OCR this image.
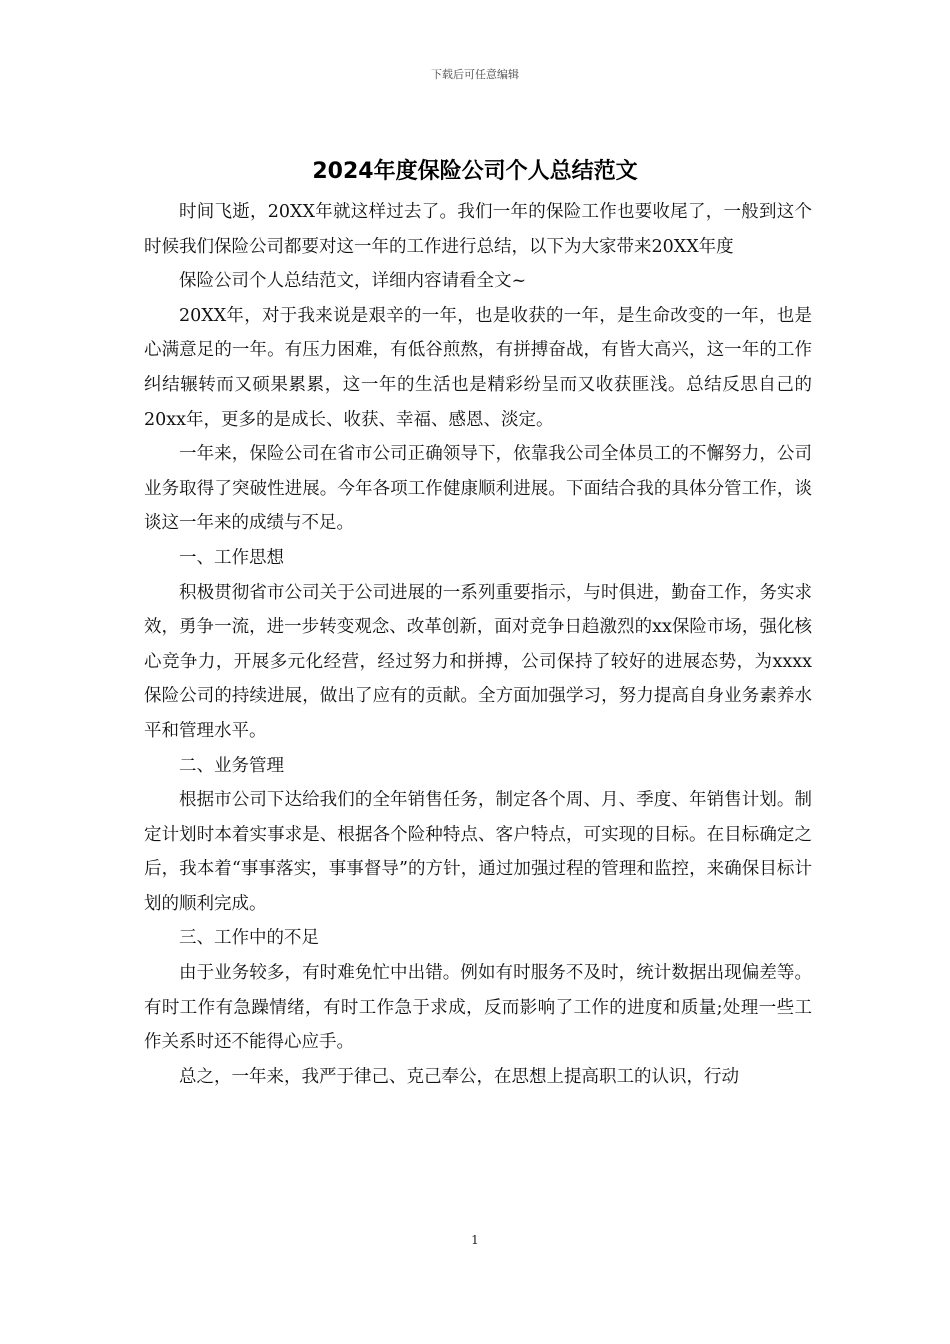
下载后可任意编辑
2024年度保险公司个人总结范文

时间飞逝，20XX年就这样过去了。我们一年的保险工作也要收尾了，一般到这个时候我们保险公司都要对这一年的工作进行总结，以下为大家带来20XX年度

保险公司个人总结范文，详细内容请看全文~

20XX年，对于我来说是艰辛的一年，也是收获的一年，是生命改变的一年，也是心满意足的一年。有压力困难，有低谷煎熬，有拼搏奋战，有皆大高兴，这一年的工作纠结辗转而又硕果累累，这一年的生活也是精彩纷呈而又收获匪浅。总结反思自己的20xx年，更多的是成长、收获、幸福、感恩、淡定。

一年来，保险公司在省市公司正确领导下，依靠我公司全体员工的不懈努力，公司业务取得了突破性进展。今年各项工作健康顺利进展。下面结合我的具体分管工作，谈谈这一年来的成绩与不足。

一、工作思想

积极贯彻省市公司关于公司进展的一系列重要指示，与时俱进，勤奋工作，务实求效，勇争一流，进一步转变观念、改革创新，面对竞争日趋激烈的xx保险市场，强化核心竞争力，开展多元化经营，经过努力和拼搏，公司保持了较好的进展态势，为xxxx保险公司的持续进展，做出了应有的贡献。全方面加强学习，努力提高自身业务素养水平和管理水平。

二、业务管理

根据市公司下达给我们的全年销售任务，制定各个周、月、季度、年销售计划。制定计划时本着实事求是、根据各个险种特点、客户特点，可实现的目标。在目标确定之后，我本着“事事落实，事事督导”的方针，通过加强过程的管理和监控，来确保目标计划的顺利完成。

三、工作中的不足

由于业务较多，有时难免忙中出错。例如有时服务不及时，统计数据出现偏差等。有时工作有急躁情绪，有时工作急于求成，反而影响了工作的进度和质量;处理一些工作关系时还不能得心应手。

总之，一年来，我严于律己、克己奉公，在思想上提高职工的认识，行动

1
